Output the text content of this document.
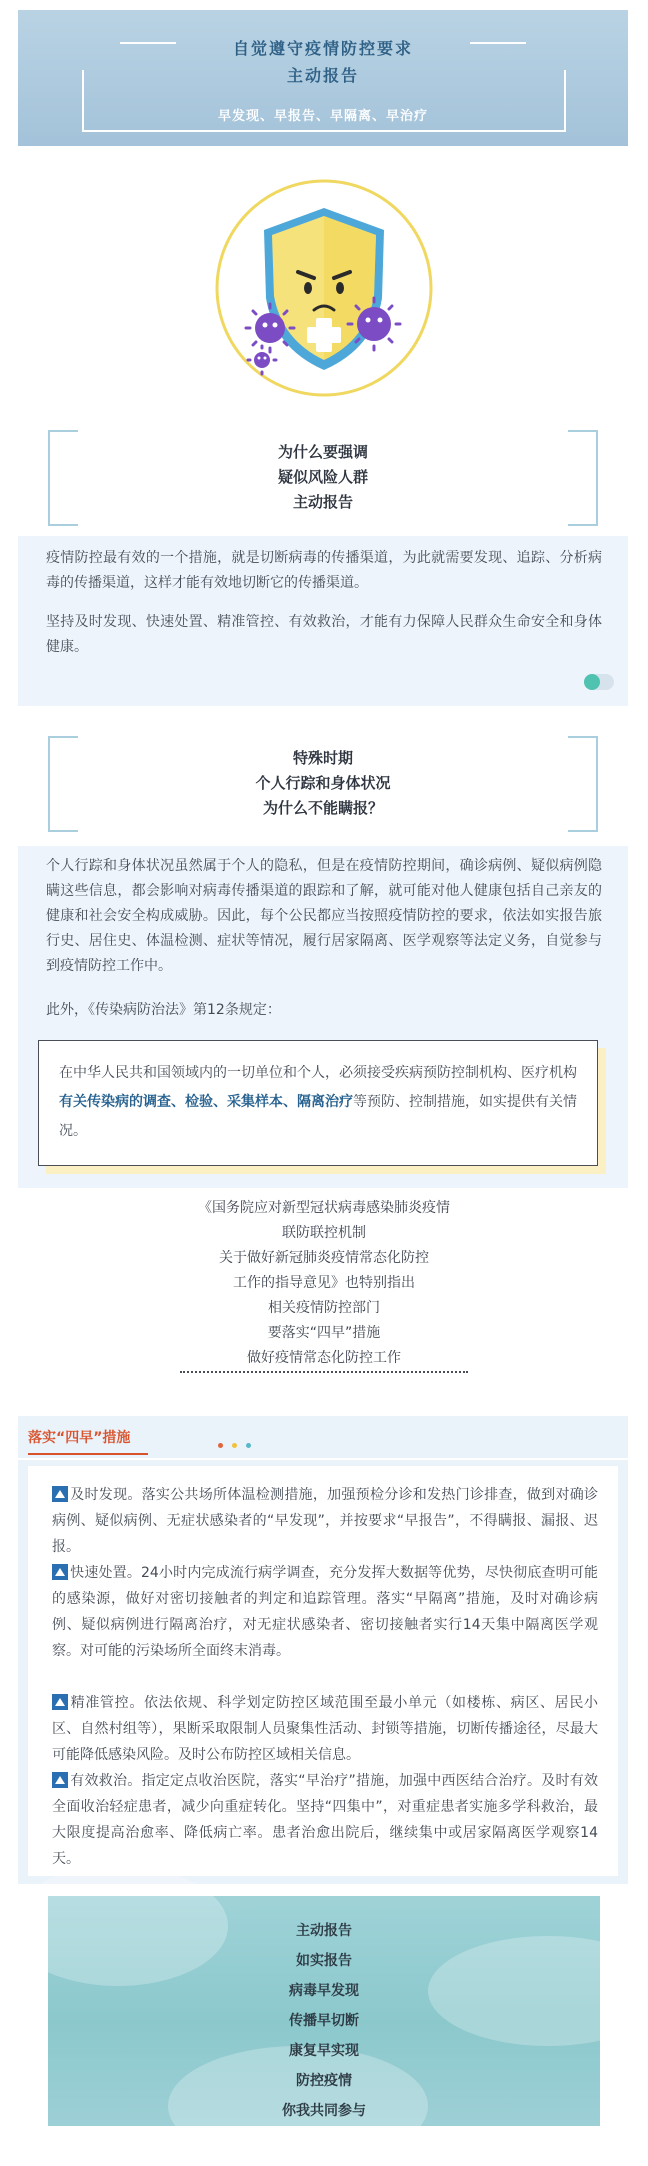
自觉遵守疫情防控要求
主动报告
早发现、早报告、早隔离、早治疗
为什么要强调
疑似风险人群
主动报告

疫情防控最有效的一个措施，就是切断病毒的传播渠道，为此就需要发现、追踪、分析病毒的传播渠道，这样才能有效地切断它的传播渠道。

坚持及时发现、快速处置、精准管控、有效救治，才能有力保障人民群众生命安全和身体健康。

特殊时期
个人行踪和身体状况
为什么不能瞒报？

个人行踪和身体状况虽然属于个人的隐私，但是在疫情防控期间，确诊病例、疑似病例隐瞒这些信息，都会影响对病毒传播渠道的跟踪和了解，就可能对他人健康包括自己亲友的健康和社会安全构成威胁。因此，每个公民都应当按照疫情防控的要求，依法如实报告旅行史、居住史、体温检测、症状等情况，履行居家隔离、医学观察等法定义务，自觉参与到疫情防控工作中。

此外，《传染病防治法》第12条规定：

在中华人民共和国领域内的一切单位和个人，必须接受疾病预防控制机构、医疗机构有关传染病的调查、检验、采集样本、隔离治疗等预防、控制措施，如实提供有关情况。

《国务院应对新型冠状病毒感染肺炎疫情
联防联控机制
关于做好新冠肺炎疫情常态化防控
工作的指导意见》也特别指出
相关疫情防控部门
要落实“四早”措施
做好疫情常态化防控工作
落实“四早”措施
及时发现。落实公共场所体温检测措施，加强预检分诊和发热门诊排查，做到对确诊病例、疑似病例、无症状感染者的“早发现”，并按要求“早报告”，不得瞒报、漏报、迟报。
快速处置。24小时内完成流行病学调查，充分发挥大数据等优势，尽快彻底查明可能的感染源，做好对密切接触者的判定和追踪管理。落实“早隔离”措施，及时对确诊病例、疑似病例进行隔离治疗，对无症状感染者、密切接触者实行14天集中隔离医学观察。对可能的污染场所全面终末消毒。
精准管控。依法依规、科学划定防控区域范围至最小单元（如楼栋、病区、居民小区、自然村组等），果断采取限制人员聚集性活动、封锁等措施，切断传播途径，尽最大可能降低感染风险。及时公布防控区域相关信息。
有效救治。指定定点收治医院，落实“早治疗”措施，加强中西医结合治疗。及时有效全面收治轻症患者，减少向重症转化。坚持“四集中”，对重症患者实施多学科救治，最大限度提高治愈率、降低病亡率。患者治愈出院后，继续集中或居家隔离医学观察14天。
主动报告
如实报告
病毒早发现
传播早切断
康复早实现
防控疫情
你我共同参与
